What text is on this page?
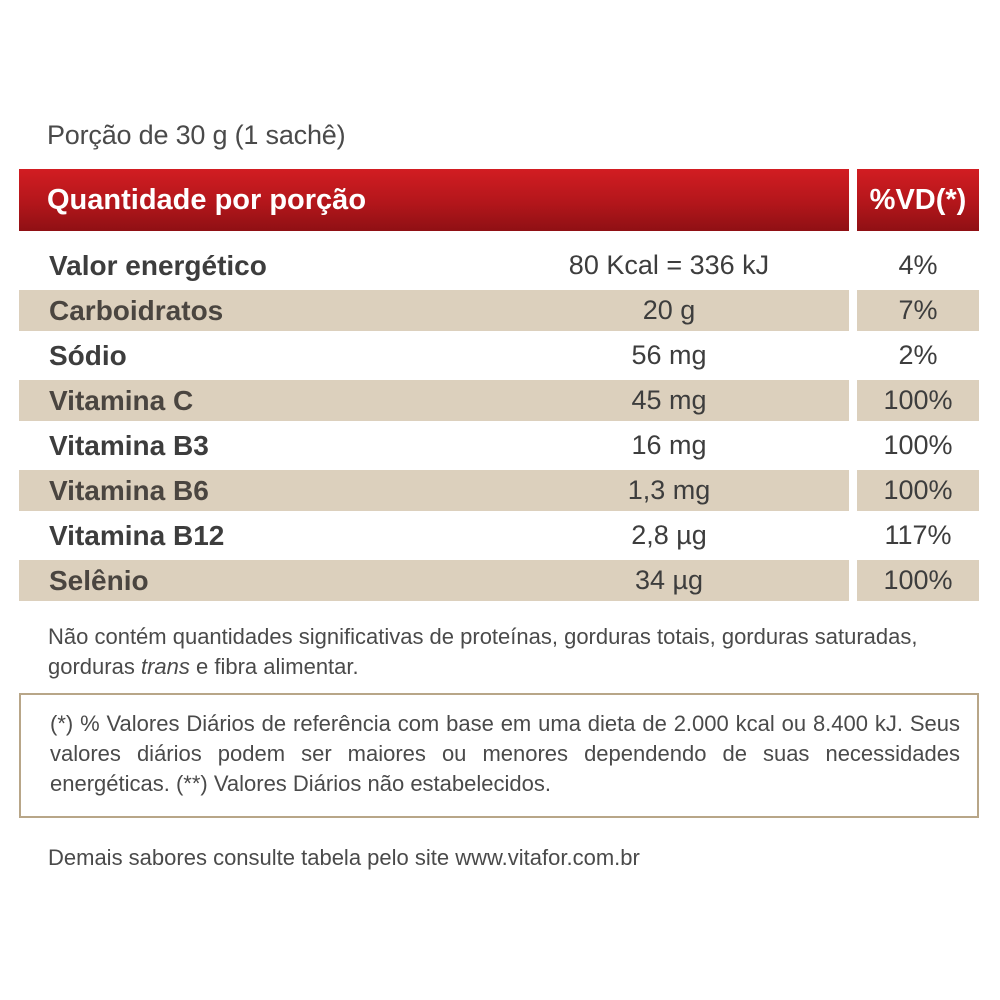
Porção de 30 g (1 sachê)
Quantidade por porção	%VD(*)
Valor energético	80 Kcal = 336 kJ	4%
Carboidratos	20 g	7%
Sódio	56 mg	2%
Vitamina C	45 mg	100%
Vitamina B3	16 mg	100%
Vitamina B6	1,3 mg	100%
Vitamina B12	2,8 µg	117%
Selênio	34 µg	100%
Não contém quantidades significativas de proteínas, gorduras totais, gorduras saturadas, gorduras trans e fibra alimentar.
(*) % Valores Diários de referência com base em uma dieta de 2.000 kcal ou 8.400 kJ. Seus valores diários podem ser maiores ou menores dependendo de suas necessidades energéticas. (**) Valores Diários não estabelecidos.
Demais sabores consulte tabela pelo site www.vitafor.com.br
